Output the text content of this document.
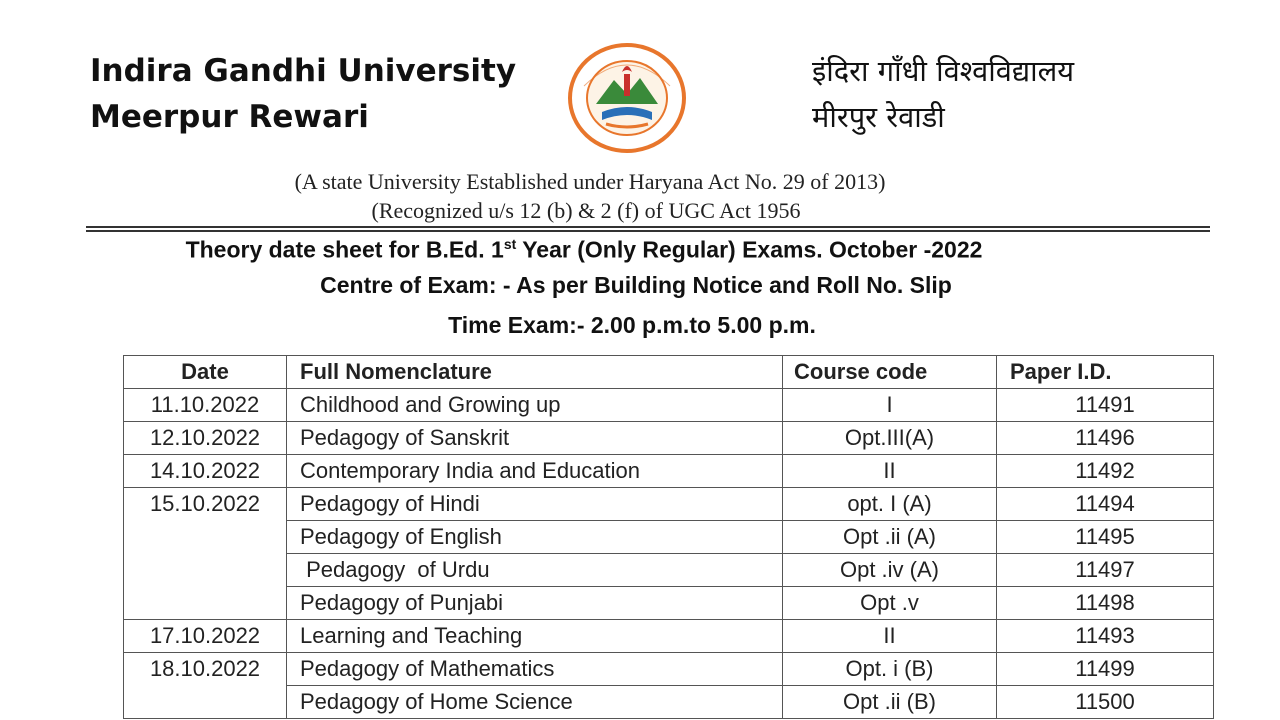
Indira Gandhi University
Meerpur Rewari
इंदिरा गाँधी विश्वविद्यालय
मीरपुर रेवाडी
(A state University Established under Haryana Act No. 29 of 2013)
(Recognized u/s 12 (b) & 2 (f) of UGC Act 1956
Theory date sheet for B.Ed. 1st Year (Only Regular) Exams. October -2022
Centre of Exam: - As per Building Notice and Roll No. Slip
Time Exam:- 2.00 p.m.to 5.00 p.m.
Date	Full Nomenclature	Course code	Paper I.D.
11.10.2022	Childhood and Growing up	I	11491
12.10.2022	Pedagogy of Sanskrit	Opt.III(A)	11496
14.10.2022	Contemporary India and Education	II	11492
15.10.2022	Pedagogy of Hindi	opt. I (A)	11494
	Pedagogy of English	Opt .ii (A)	11495
	Pedagogy  of Urdu	Opt .iv (A)	11497
	Pedagogy of Punjabi	Opt .v	11498
17.10.2022	Learning and Teaching	II	11493
18.10.2022	Pedagogy of Mathematics	Opt. i (B)	11499
	Pedagogy of Home Science	Opt .ii (B)	11500
